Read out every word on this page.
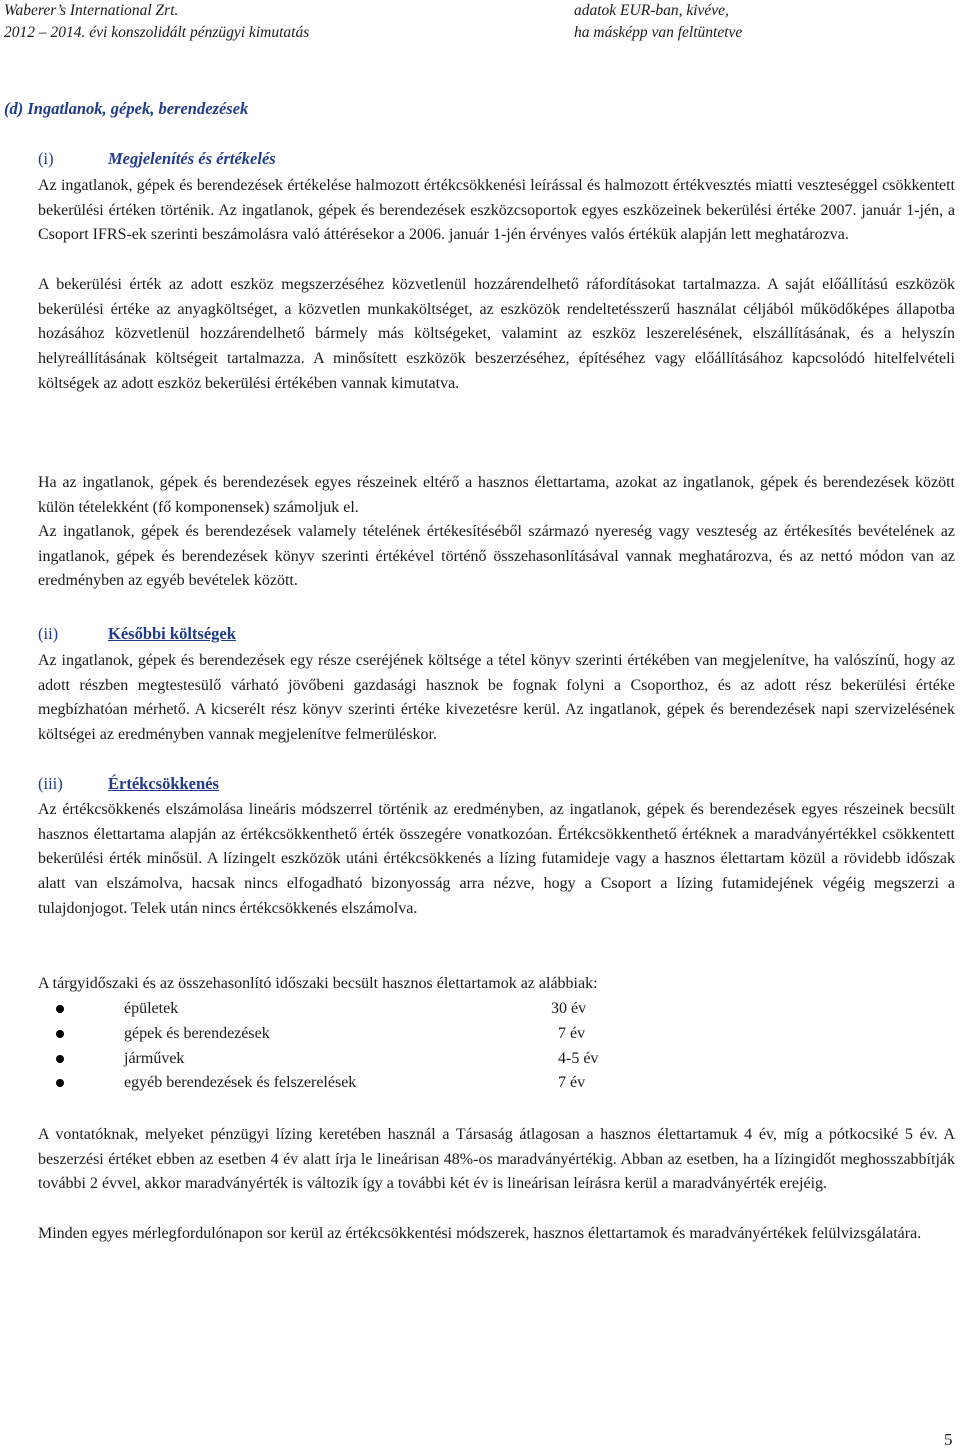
Waberer’s International Zrt.
2012 – 2014. évi konszolidált pénzügyi kimutatás
adatok EUR-ban, kivéve,
ha másképp van feltüntetve
(d) Ingatlanok, gépek, berendezések
(i)	Megjelenítés és értékelés
Az ingatlanok, gépek és berendezések értékelése halmozott értékcsökkenési leírással és halmozott értékvesztés miatti veszteséggel csökkentett bekerülési értéken történik. Az ingatlanok, gépek és berendezések eszközcsoportok egyes eszközeinek bekerülési értéke 2007. január 1-jén, a Csoport IFRS-ek szerinti beszámolásra való áttérésekor a 2006. január 1-jén érvényes valós értékük alapján lett meghatározva.
A bekerülési érték az adott eszköz megszerzéséhez közvetlenül hozzárendelhető ráfordításokat tartalmazza. A saját előállítású eszközök bekerülési értéke az anyagköltséget, a közvetlen munkaköltséget, az eszközök rendeltetésszerű használat céljából működőképes állapotba hozásához közvetlenül hozzárendelhető bármely más költségeket, valamint az eszköz leszerelésének, elszállításának, és a helyszín helyreállításának költségeit tartalmazza. A minősített eszközök beszerzéséhez, építéséhez vagy előállításához kapcsolódó hitelfelvételi költségek az adott eszköz bekerülési értékében vannak kimutatva.
Ha az ingatlanok, gépek és berendezések egyes részeinek eltérő a hasznos élettartama, azokat az ingatlanok, gépek és berendezések között külön tételekként (fő komponensek) számoljuk el.
Az ingatlanok, gépek és berendezések valamely tételének értékesítéséből származó nyereség vagy veszteség az értékesítés bevételének az ingatlanok, gépek és berendezések könyv szerinti értékével történő összehasonlításával vannak meghatározva, és az nettó módon van az eredményben az egyéb bevételek között.
(ii)	Későbbi költségek
Az ingatlanok, gépek és berendezések egy része cseréjének költsége a tétel könyv szerinti értékében van megjelenítve, ha valószínű, hogy az adott részben megtestesülő várható jövőbeni gazdasági hasznok be fognak folyni a Csoporthoz, és az adott rész bekerülési értéke megbízhatóan mérhető. A kicserélt rész könyv szerinti értéke kivezetésre kerül. Az ingatlanok, gépek és berendezések napi szervizelésének költségei az eredményben vannak megjelenítve felmerüléskor.
(iii)	Értékcsökkenés
Az értékcsökkenés elszámolása lineáris módszerrel történik az eredményben, az ingatlanok, gépek és berendezések egyes részeinek becsült hasznos élettartama alapján az értékcsökkenthető érték összegére vonatkozóan. Értékcsökkenthető értéknek a maradványértékkel csökkentett bekerülési érték minősül. A lízingelt eszközök utáni értékcsökkenés a lízing futamideje vagy a hasznos élettartam közül a rövidebb időszak alatt van elszámolva, hacsak nincs elfogadható bizonyosság arra nézve, hogy a Csoport a lízing futamidejének végéig megszerzi a tulajdonjogot. Telek után nincs értékcsökkenés elszámolva.
A tárgyidőszaki és az összehasonlító időszaki becsült hasznos élettartamok az alábbiak:
épületek	30 év
gépek és berendezések	7 év
járművek	4-5 év
egyéb berendezések és felszerelések	7 év
A vontatóknak, melyeket pénzügyi lízing keretében használ a Társaság átlagosan a hasznos élettartamuk 4 év, míg a pótkocsiké 5 év. A beszerzési értéket ebben az esetben 4 év alatt írja le lineárisan 48%-os maradványértékig. Abban az esetben, ha a lízingidőt meghosszabbítják további 2 évvel, akkor maradványérték is változik így a további két év is lineárisan leírásra kerül a maradványérték erejéig.
Minden egyes mérlegfordulónapon sor kerül az értékcsökkentési módszerek, hasznos élettartamok és maradványértékek felülvizsgálatára.
5
